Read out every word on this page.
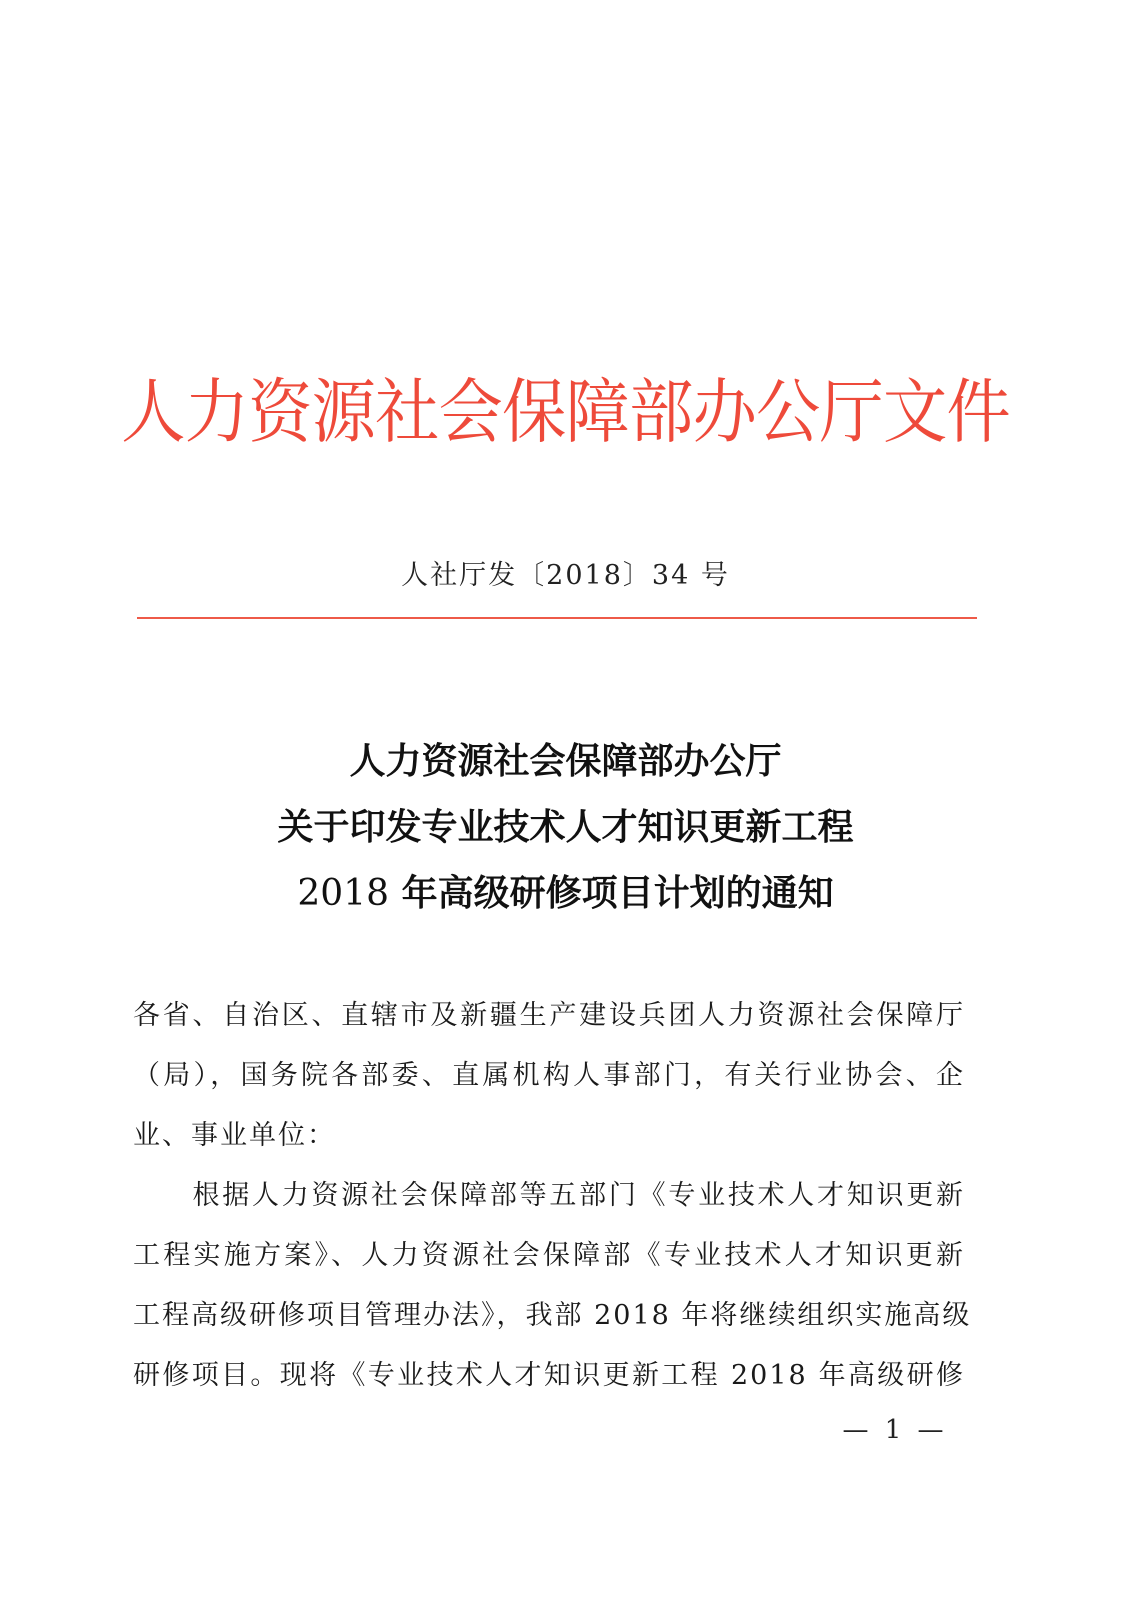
人力资源社会保障部办公厅文件
人社厅发〔2018〕34 号
人力资源社会保障部办公厅
关于印发专业技术人才知识更新工程
2018 年高级研修项目计划的通知
各省、自治区、直辖市及新疆生产建设兵团人力资源社会保障厅
（局），国务院各部委、直属机构人事部门，有关行业协会、企
业、事业单位：
　　根据人力资源社会保障部等五部门《专业技术人才知识更新
工程实施方案》、人力资源社会保障部《专业技术人才知识更新
工程高级研修项目管理办法》，我部 2018 年将继续组织实施高级
研修项目。现将《专业技术人才知识更新工程 2018 年高级研修
— 1 —
